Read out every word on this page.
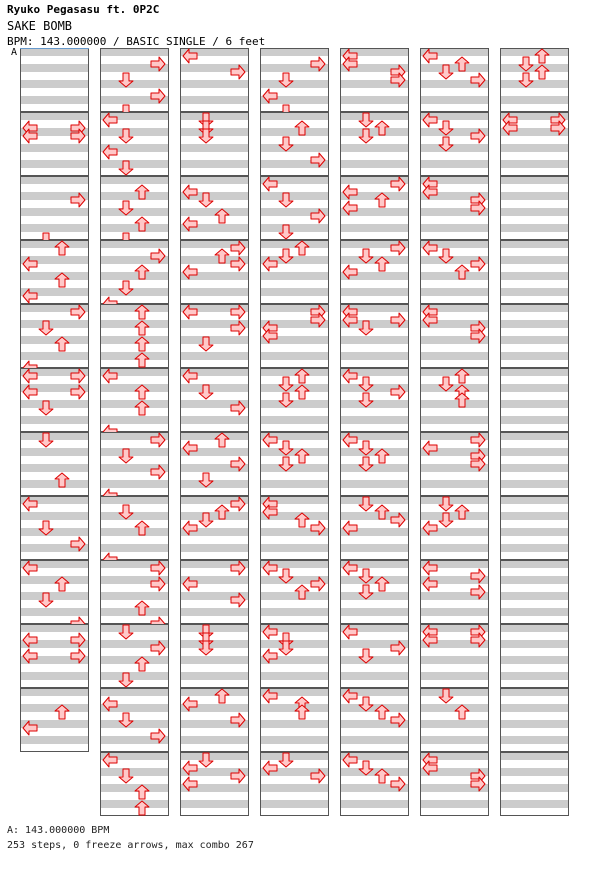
Ryuko Pegasasu ft. 0P2C
SAKE BOMB
BPM: 143.000000 / BASIC SINGLE / 6 feet
A
A: 143.000000 BPM
253 steps, 0 freeze arrows, max combo 267
